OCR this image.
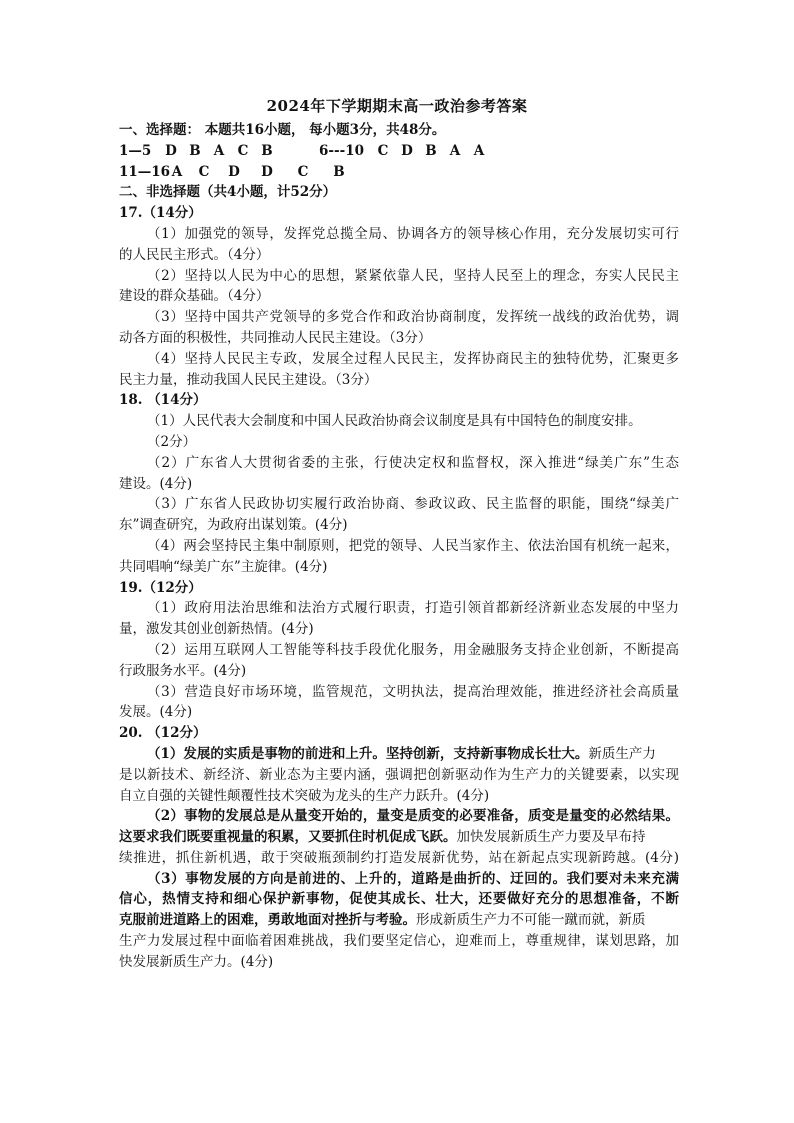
2024年下学期期末高一政治参考答案
一、选择题： 本题共16小题， 每小题3分，共48分。
1—5	D B A C B	6---10	C D B A	A
11—16 A	C	D	D	C	B
二、非选择题（共4小题，计52分）
17.（14分）
（1）加强党的领导，发挥党总揽全局、协调各方的领导核心作用，充分发展切实可行
的人民民主形式。（4分）
（2）坚持以人民为中心的思想，紧紧依靠人民，坚持人民至上的理念，夯实人民民主
建设的群众基础。（4分）
（3）坚持中国共产党领导的多党合作和政治协商制度，发挥统一战线的政治优势，调
动各方面的积极性，共同推动人民民主建设。（3分）
（4）坚持人民民主专政，发展全过程人民民主，发挥协商民主的独特优势，汇聚更多
民主力量，推动我国人民民主建设。（3分）
18. （14分）
（1）人民代表大会制度和中国人民政治协商会议制度是具有中国特色的制度安排。
（2分）
（2）广东省人大贯彻省委的主张，行使决定权和监督权，深入推进“绿美广东”生态
建设。(4分)
（3）广东省人民政协切实履行政治协商、参政议政、民主监督的职能，围绕“绿美广
东”调查研究，为政府出谋划策。(4分)
（4）两会坚持民主集中制原则，把党的领导、人民当家作主、依法治国有机统一起来，
共同唱响“绿美广东”主旋律。(4分)
19.（12分）
（1）政府用法治思维和法治方式履行职责，打造引领首都新经济新业态发展的中坚力
量，激发其创业创新热情。(4分)
（2）运用互联网人工智能等科技手段优化服务，用金融服务支持企业创新，不断提高
行政服务水平。(4分)
（3）营造良好市场环境，监管规范，文明执法，提高治理效能，推进经济社会高质量
发展。(4分)
20. （12分）
（1）发展的实质是事物的前进和上升。坚持创新，支持新事物成长壮大。新质生产力
是以新技术、新经济、新业态为主要内涵，强调把创新驱动作为生产力的关键要素，以实现
自立自强的关键性颠覆性技术突破为龙头的生产力跃升。(4分)
（2）事物的发展总是从量变开始的，量变是质变的必要准备，质变是量变的必然结果。
这要求我们既要重视量的积累，又要抓住时机促成飞跃。加快发展新质生产力要及早布持
续推进，抓住新机遇，敢于突破瓶颈制约打造发展新优势，站在新起点实现新跨越。(4分)
（3）事物发展的方向是前进的、上升的，道路是曲折的、迂回的。我们要对未来充满
信心，热情支持和细心保护新事物，促使其成长、壮大，还要做好充分的思想准备，不断
克服前进道路上的困难，勇敢地面对挫折与考验。形成新质生产力不可能一蹴而就，新质
生产力发展过程中面临着困难挑战，我们要坚定信心，迎难而上，尊重规律，谋划思路，加
快发展新质生产力。(4分)
